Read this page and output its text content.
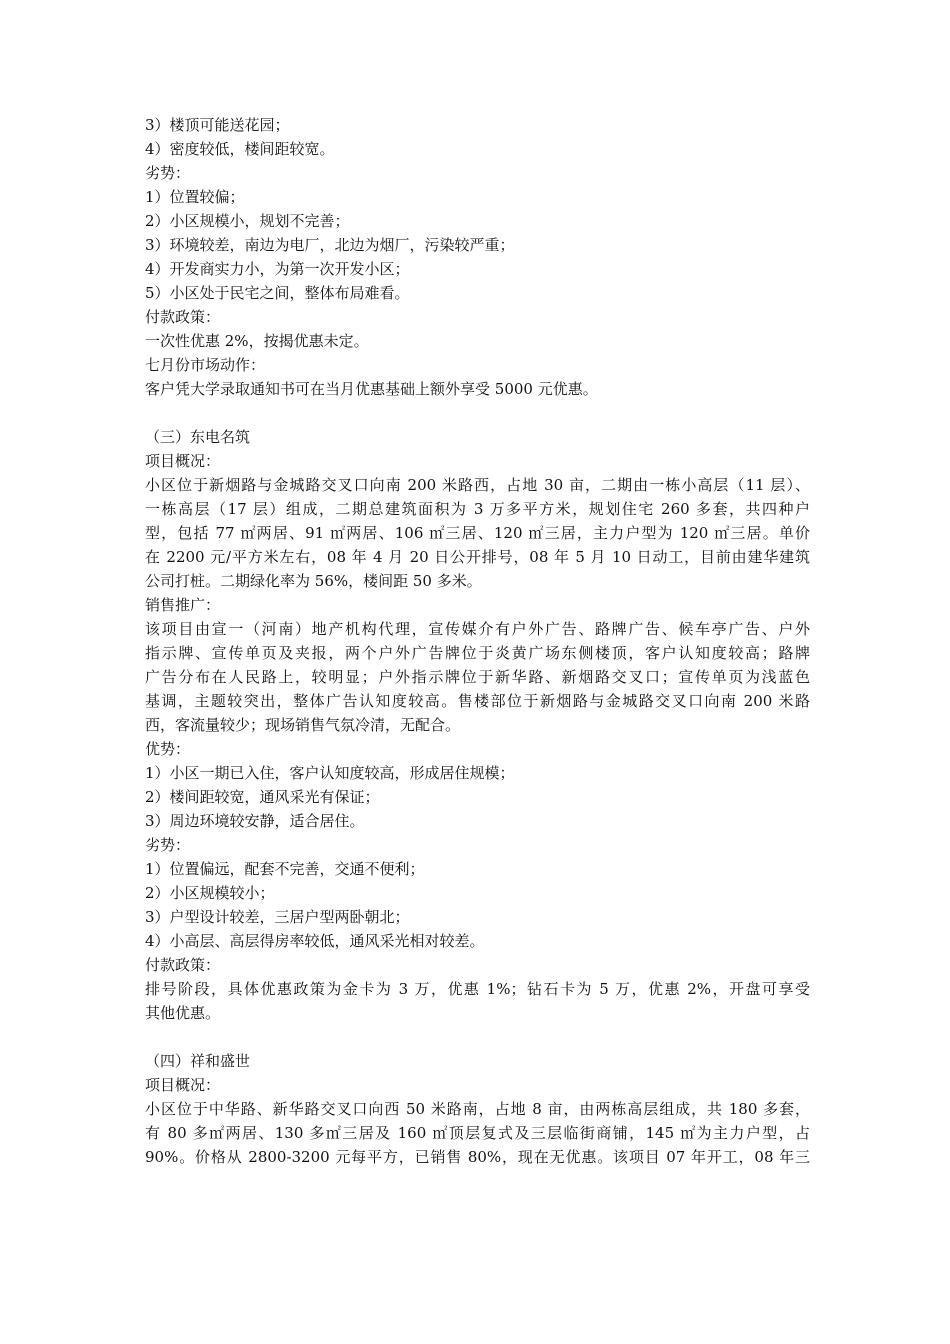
3）楼顶可能送花园；
4）密度较低，楼间距较宽。
劣势：
1）位置较偏；
2）小区规模小，规划不完善；
3）环境较差，南边为电厂，北边为烟厂，污染较严重；
4）开发商实力小，为第一次开发小区；
5）小区处于民宅之间，整体布局难看。
付款政策：
一次性优惠 2%，按揭优惠未定。
七月份市场动作：
客户凭大学录取通知书可在当月优惠基础上额外享受 5000 元优惠。
（三）东电名筑
项目概况：
小区位于新烟路与金城路交叉口向南 200 米路西，占地 30 亩，二期由一栋小高层（11 层）、
一栋高层（17 层）组成，二期总建筑面积为 3 万多平方米，规划住宅 260 多套，共四种户
型，包括 77 ㎡两居、91 ㎡两居、106 ㎡三居、120 ㎡三居，主力户型为 120 ㎡三居。单价
在 2200 元/平方米左右，08 年 4 月 20 日公开排号，08 年 5 月 10 日动工，目前由建华建筑
公司打桩。二期绿化率为 56%，楼间距 50 多米。
销售推广：
该项目由宣一（河南）地产机构代理，宣传媒介有户外广告、路牌广告、候车亭广告、户外
指示牌、宣传单页及夹报，两个户外广告牌位于炎黄广场东侧楼顶，客户认知度较高；路牌
广告分布在人民路上，较明显；户外指示牌位于新华路、新烟路交叉口；宣传单页为浅蓝色
基调，主题较突出，整体广告认知度较高。售楼部位于新烟路与金城路交叉口向南 200 米路
西，客流量较少；现场销售气氛冷清，无配合。
优势：
1）小区一期已入住，客户认知度较高，形成居住规模；
2）楼间距较宽，通风采光有保证；
3）周边环境较安静，适合居住。
劣势：
1）位置偏远，配套不完善，交通不便利；
2）小区规模较小；
3）户型设计较差，三居户型两卧朝北；
4）小高层、高层得房率较低，通风采光相对较差。
付款政策：
排号阶段，具体优惠政策为金卡为 3 万，优惠 1%；钻石卡为 5 万，优惠 2%，开盘可享受
其他优惠。
（四）祥和盛世
项目概况：
小区位于中华路、新华路交叉口向西 50 米路南，占地 8 亩，由两栋高层组成，共 180 多套，
有 80 多㎡两居、130 多㎡三居及 160 ㎡顶层复式及三层临街商铺，145 ㎡为主力户型，占
90%。价格从 2800-3200 元每平方，已销售 80%，现在无优惠。该项目 07 年开工，08 年三
